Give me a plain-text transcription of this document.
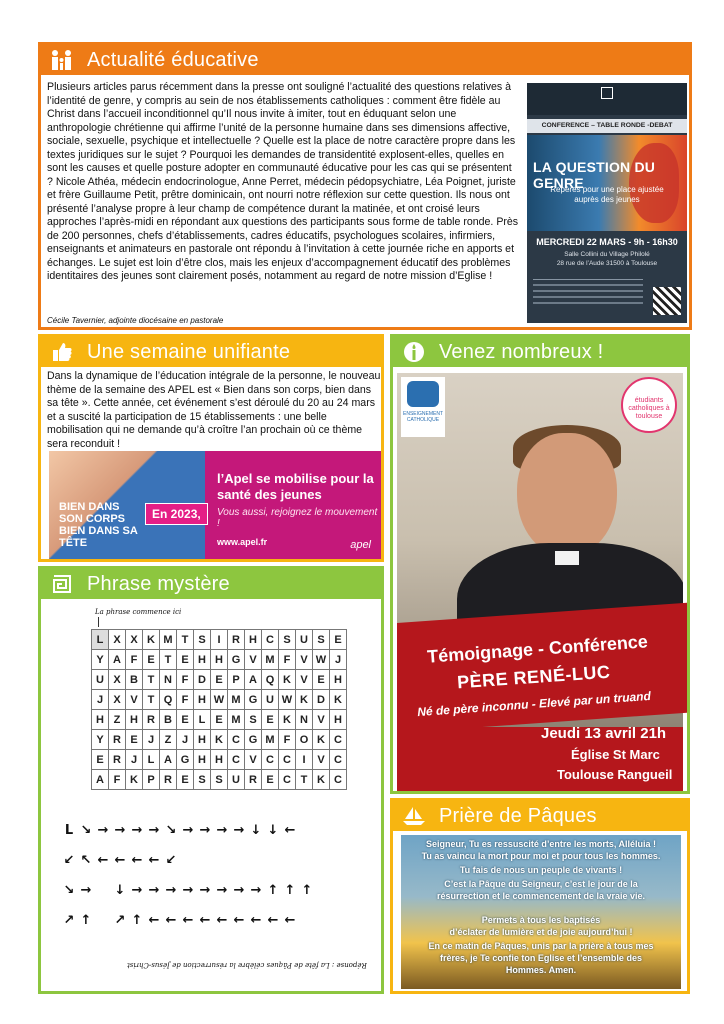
Actualité éducative

Plusieurs articles parus récemment dans la presse ont souligné l’actualité des questions relatives à l’identité de genre, y compris au sein de nos établissements catholiques : comment être fidèle au Christ dans l’accueil inconditionnel qu’Il nous invite à imiter, tout en éduquant selon une anthropologie chrétienne qui affirme l’unité de la personne humaine dans ses dimensions affective, sociale, sexuelle, psychique et intellectuelle ? Quelle est la place de notre caractère propre dans les textes juridiques sur le sujet ? Pourquoi les demandes de transidentité explosent-elles, quelles en sont les causes et quelle posture adopter en communauté éducative pour les cas qui se présentent ? Nicole Athéa, médecin endocrinologue, Anne Perret, médecin pédopsychiatre, Léa Poignet, juriste et frère Guillaume Petit, prêtre dominicain, ont nourri notre réflexion sur cette question. Ils nous ont présenté l’analyse propre à leur champ de compétence durant la matinée, et ont croisé leurs approches l’après-midi en répondant aux questions des participants sous forme de table ronde. Près de 200 personnes, chefs d’établissements, cadres éducatifs, psychologues scolaires, infirmiers, enseignants et animateurs en pastorale ont répondu à l’invitation à cette journée riche en apports et échanges. Le sujet est loin d’être clos, mais les enjeux d’accompagnement éducatif des problèmes identitaires des jeunes sont clairement posés, notamment au regard de notre mission d’Eglise !

Cécile Tavernier, adjointe diocésaine en pastorale

CONFERENCE – TABLE RONDE -DEBAT
LA QUESTION DU GENRE
Repères pour une place ajustée auprès des jeunes
MERCREDI 22 MARS - 9h - 16h30
Salle Collini du Village Philolé
28 rue de l’Aude 31500 à Toulouse
Une semaine unifiante

Dans la dynamique de l’éducation intégrale de la personne, le nouveau thème de la semaine des APEL est « Bien dans son corps, bien dans sa tête ». Cette année, cet événement s’est déroulé du 20 au 24 mars et a suscité la participation de 15 établissements : une belle mobilisation qui ne demande qu’à croître l’an prochain où ce thème sera reconduit !

BIEN DANS SON CORPS BIEN DANS SA TÊTE
En 2023,
l’Apel se mobilise pour la santé des jeunes
Vous aussi, rejoignez le mouvement !
www.apel.fr	apel
Phrase mystère
La phrase commence ici
L	X	X	K	M	T	S	I	R	H	C	S	U	S	E
Y	A	F	E	T	E	H	H	G	V	M	F	V	W	J
U	X	B	T	N	F	D	E	P	A	Q	K	V	E	H
J	X	V	T	Q	F	H	W	M	G	U	W	K	D	K
H	Z	H	R	B	E	L	E	M	S	E	K	N	V	H
Y	R	E	J	Z	J	H	K	C	G	M	F	O	K	C
E	R	J	L	A	G	H	H	C	V	C	C	I	V	C
A	F	K	P	R	E	S	S	U	R	E	C	T	K	C
L ↘ → → → → ↘ → → → → ↓ ↓ ←
↙ ↖ ← ← ← ← ↙
↘ → ↓ → → → → → → → → ↑ ↑ ↑
↗ ↑ ↗ ↑ ← ← ← ← ← ← ← ← ←
Réponse : La fête de Pâques célèbre la résurrection de Jésus-Christ
Venez nombreux !
ENSEIGNEMENT CATHOLIQUE
étudiants catholiques à toulouse
Témoignage - Conférence
PÈRE RENÉ-LUC
Né de père inconnu - Elevé par un truand
Jeudi 13 avril 21h
Église St Marc
Toulouse Rangueil
Prière de Pâques

Seigneur, Tu es ressuscité d’entre les morts, Alléluia !

Tu as vaincu la mort pour moi et pour tous les hommes.

Tu fais de nous un peuple de vivants !

C’est la Pâque du Seigneur, c’est le jour de la

résurrection et le commencement de la vraie vie.

Permets à tous les baptisés

d’éclater de lumière et de joie aujourd’hui !

En ce matin de Pâques, unis par la prière à tous mes

frères, je Te confie ton Eglise et l’ensemble des

Hommes. Amen.
